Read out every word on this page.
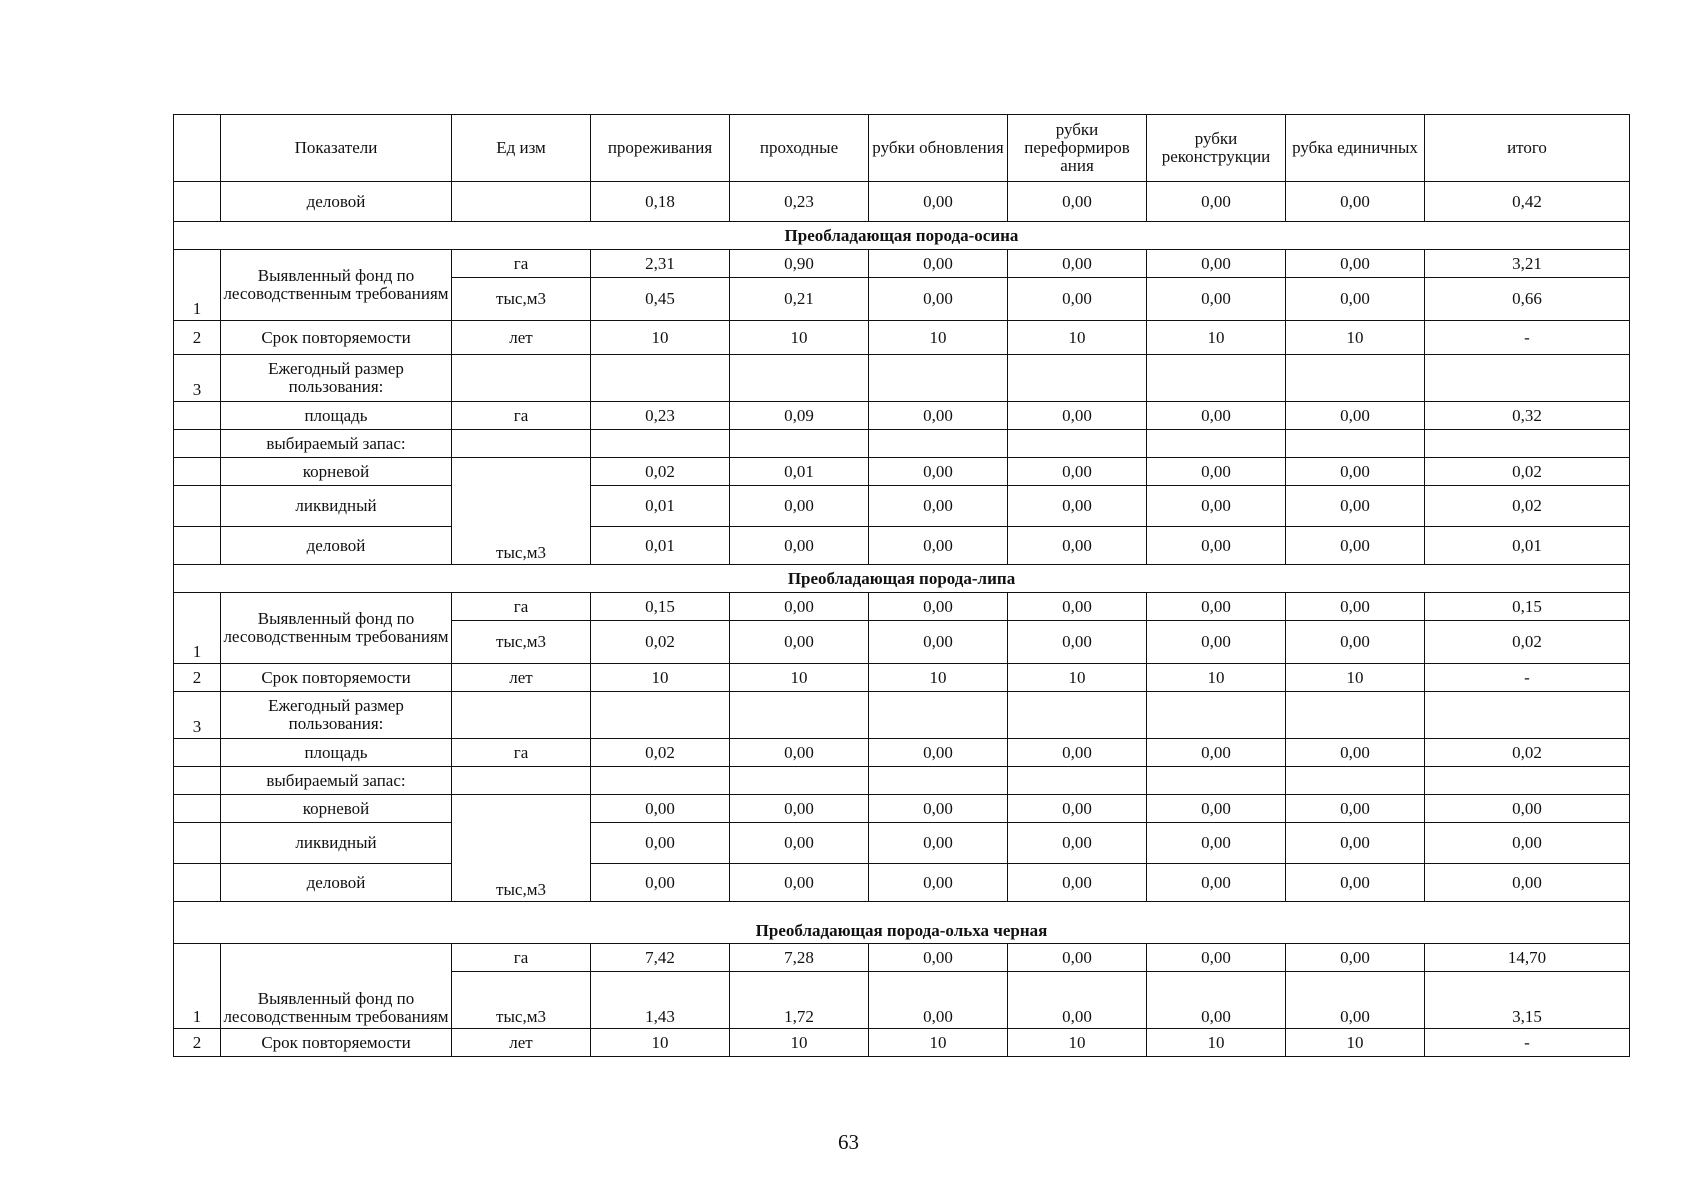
	Показатели	Ед изм	прореживания	проходные	рубки обновления	рубки переформиров ания	рубки реконструкции	рубка единичных	итого
	деловой		0,18	0,23	0,00	0,00	0,00	0,00	0,42
Преобладающая порода-осина									
1	Выявленный фонд по лесоводственным требованиям	га	2,31	0,90	0,00	0,00	0,00	0,00	3,21
		тыс,м3	0,45	0,21	0,00	0,00	0,00	0,00	0,66
2	Срок повторяемости	лет	10	10	10	10	10	10	-
3	Ежегодный размер пользования:								
	площадь	га	0,23	0,09	0,00	0,00	0,00	0,00	0,32
	выбираемый запас:								
	корневой	тыс,м3	0,02	0,01	0,00	0,00	0,00	0,00	0,02
	ликвидный		0,01	0,00	0,00	0,00	0,00	0,00	0,02
	деловой		0,01	0,00	0,00	0,00	0,00	0,00	0,01
Преобладающая порода-липа									
1	Выявленный фонд по лесоводственным требованиям	га	0,15	0,00	0,00	0,00	0,00	0,00	0,15
		тыс,м3	0,02	0,00	0,00	0,00	0,00	0,00	0,02
2	Срок повторяемости	лет	10	10	10	10	10	10	-
3	Ежегодный размер пользования:								
	площадь	га	0,02	0,00	0,00	0,00	0,00	0,00	0,02
	выбираемый запас:								
	корневой	тыс,м3	0,00	0,00	0,00	0,00	0,00	0,00	0,00
	ликвидный		0,00	0,00	0,00	0,00	0,00	0,00	0,00
	деловой		0,00	0,00	0,00	0,00	0,00	0,00	0,00
Преобладающая порода-ольха черная									
1	Выявленный фонд по лесоводственным требованиям	га	7,42	7,28	0,00	0,00	0,00	0,00	14,70
		тыс,м3	1,43	1,72	0,00	0,00	0,00	0,00	3,15
2	Срок повторяемости	лет	10	10	10	10	10	10	-
63
